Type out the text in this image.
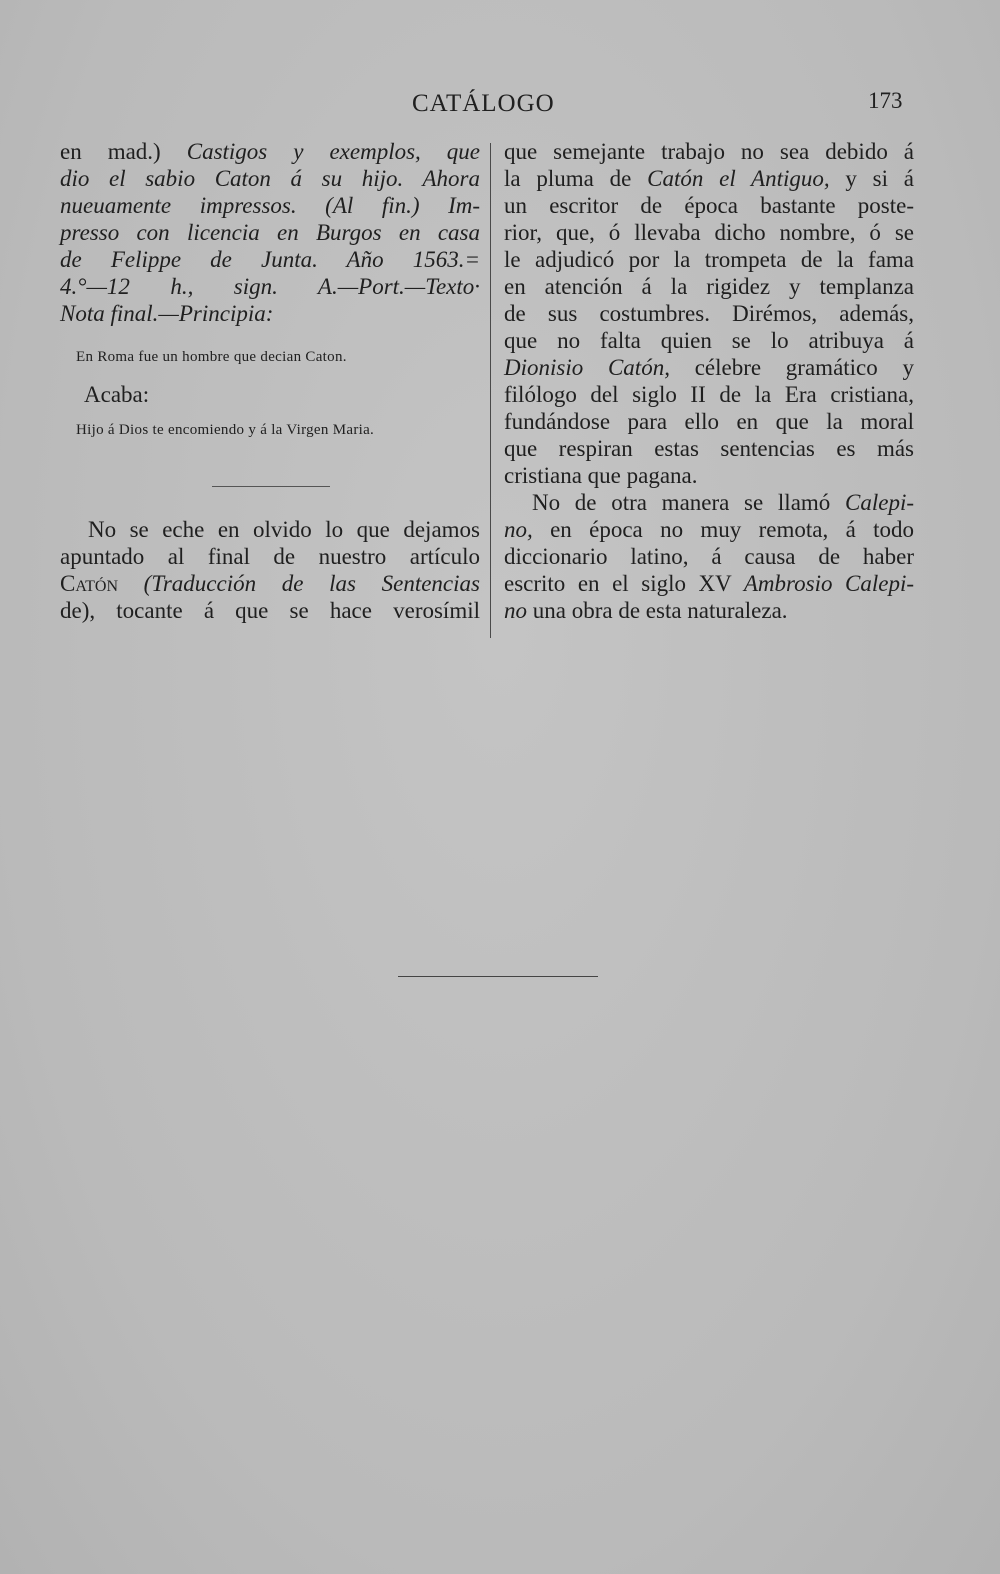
CATÁLOGO	173
en mad.) Castigos y exemplos, que
dio el sabio Caton á su hijo. Ahora
nueuamente impressos. (Al fin.) Im-
presso con licencia en Burgos en casa
de Felippe de Junta. Año 1563.=
4.°—12 h., sign. A.—Port.—Texto·
Nota final.—Principia:
En Roma fue un hombre que decian Caton.
Acaba:
Hijo á Dios te encomiendo y á la Virgen Maria.
No se eche en olvido lo que dejamos
apuntado al final de nuestro artículo
Catón (Traducción de las Sentencias
de), tocante á que se hace verosímil
que semejante trabajo no sea debido á
la pluma de Catón el Antiguo, y si á
un escritor de época bastante poste-
rior, que, ó llevaba dicho nombre, ó se
le adjudicó por la trompeta de la fama
en atención á la rigidez y templanza
de sus costumbres. Dirémos, además,
que no falta quien se lo atribuya á
Dionisio Catón, célebre gramático y
filólogo del siglo II de la Era cristiana,
fundándose para ello en que la moral
que respiran estas sentencias es más
cristiana que pagana.
No de otra manera se llamó Calepi-
no, en época no muy remota, á todo
diccionario latino, á causa de haber
escrito en el siglo XV Ambrosio Calepi-
no una obra de esta naturaleza.
